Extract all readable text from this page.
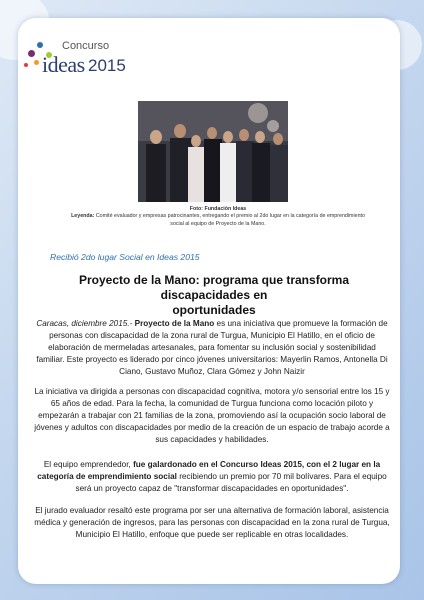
Concurso
ideas 2015
Foto: Fundación Ideas
Leyenda: Comité evaluador y empresas patrocinantes, entregando el premio al 2do lugar en la categoría de emprendimiento
social al equipo de Proyecto de la Mano.
Recibió 2do lugar Social en Ideas 2015
Proyecto de la Mano: programa que transforma discapacidades en
oportunidades
Caracas, diciembre 2015.- Proyecto de la Mano es una iniciativa que promueve la formación de personas con discapacidad de la zona rural de Turgua, Municipio El Hatillo, en el oficio de elaboración de mermeladas artesanales, para fomentar su inclusión social y sostenibilidad familiar. Este proyecto es liderado por cinco jóvenes universitarios: Mayerlin Ramos, Antonella Di Ciano, Gustavo Muñoz, Clara Gómez y John Naizir
La iniciativa va dirigida a personas con discapacidad cognitiva, motora y/o sensorial entre los 15 y 65 años de edad. Para la fecha, la comunidad de Turgua funciona como locación piloto y empezarán a trabajar con 21 familias de la zona, promoviendo así la ocupación socio laboral de jóvenes y adultos con discapacidades por medio de la creación de un espacio de trabajo acorde a sus capacidades y habilidades.
El equipo emprendedor, fue galardonado en el Concurso Ideas 2015, con el 2 lugar en la categoría de emprendimiento social recibiendo un premio por 70 mil bolívares. Para el equipo será un proyecto capaz de "transformar discapacidades en oportunidades".
El jurado evaluador resaltó este programa por ser una alternativa de formación laboral, asistencia médica y generación de ingresos, para las personas con discapacidad en la zona rural de Turgua, Municipio El Hatillo, enfoque que puede ser replicable en otras localidades.
